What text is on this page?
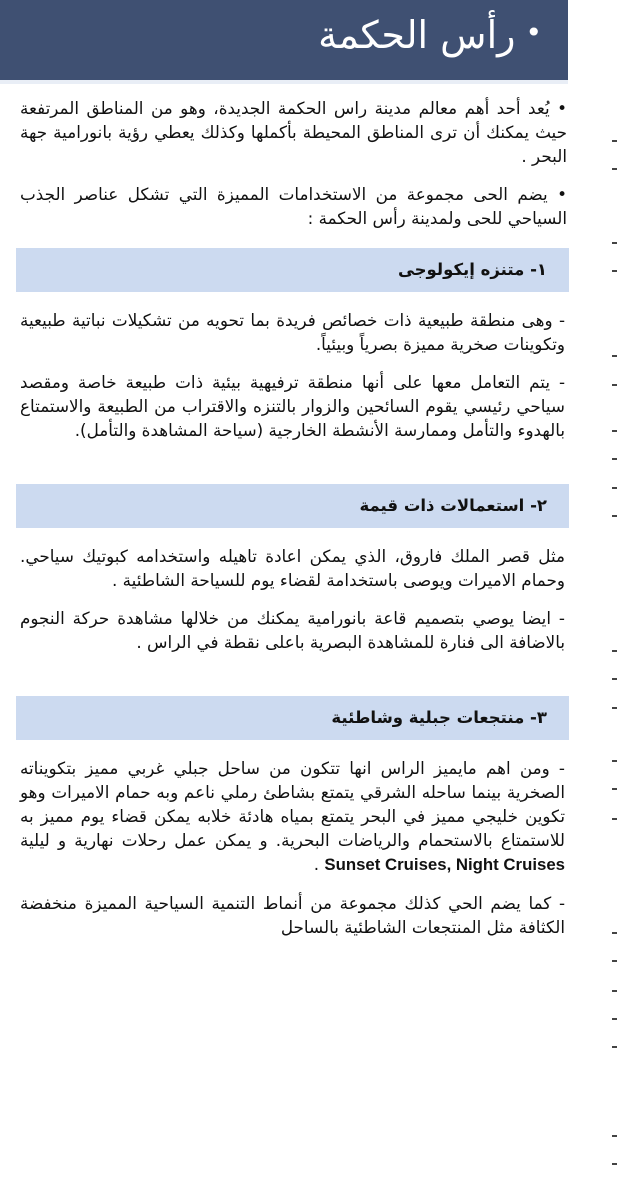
•رأس الحكمة

• يُعد أحد أهم معالم مدينة راس الحكمة الجديدة، وهو من المناطق المرتفعة حيث يمكنك أن ترى المناطق المحيطة بأكملها وكذلك يعطي رؤية بانورامية جهة البحر .

• يضم الحى مجموعة من الاستخدامات المميزة التي تشكل عناصر الجذب السياحي للحى ولمدينة رأس الحكمة :

١- متنزه إيكولوجى

- وهى منطقة طبيعية ذات خصائص فريدة بما تحويه من تشكيلات نباتية طبيعية وتكوينات صخرية مميزة بصرياً وبيئياً.

- يتم التعامل معها على أنها منطقة ترفيهية بيئية ذات طبيعة خاصة ومقصد سياحي رئيسي يقوم السائحين والزوار بالتنزه والاقتراب من الطبيعة والاستمتاع بالهدوء والتأمل وممارسة الأنشطة الخارجية (سياحة المشاهدة والتأمل).

٢- استعمالات ذات قيمة

مثل قصر الملك فاروق، الذي يمكن اعادة تاهيله واستخدامه كبوتيك سياحي. وحمام الاميرات ويوصى باستخدامة لقضاء يوم للسياحة الشاطئية .

- ايضا يوصي بتصميم قاعة بانورامية يمكنك من خلالها مشاهدة حركة النجوم بالاضافة الى فنارة للمشاهدة البصرية باعلى نقطة في الراس .

٣- منتجعات جبلية وشاطئية

- ومن اهم مايميز الراس انها تتكون من ساحل جبلي غربي مميز بتكويناته الصخرية بينما ساحله الشرقي يتمتع بشاطئ رملي ناعم وبه حمام الاميرات وهو تكوين خليجي مميز في البحر يتمتع بمياه هادئة خلابه يمكن قضاء يوم مميز به للاستمتاع بالاستحمام والرياضات البحرية. و يمكن عمل رحلات نهارية و ليلية Sunset Cruises, Night Cruises .

- كما يضم الحي كذلك مجموعة من أنماط التنمية السياحية المميزة منخفضة الكثافة مثل المنتجعات الشاطئية بالساحل
